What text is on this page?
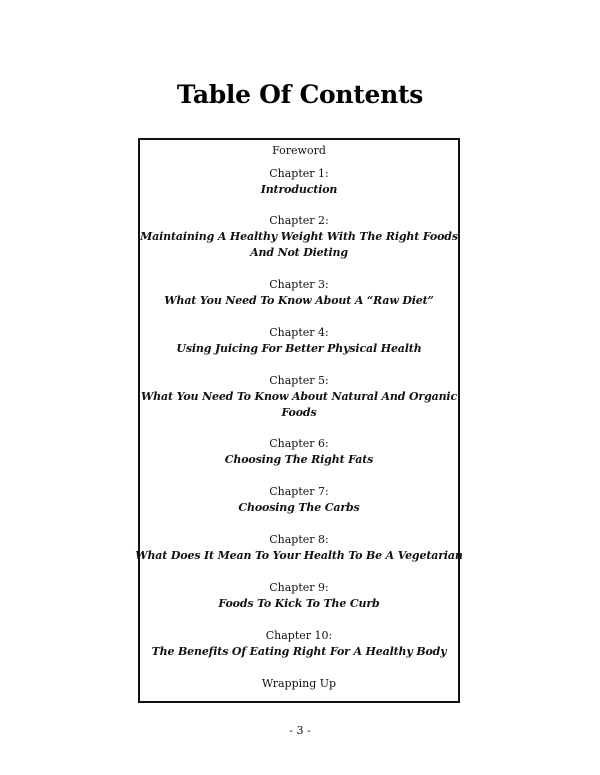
Table Of Contents
Foreword
Chapter 1:
Introduction
Chapter 2:
Maintaining A Healthy Weight With The Right Foods
And Not Dieting
Chapter 3:
What You Need To Know About A “Raw Diet”
Chapter 4:
Using Juicing For Better Physical Health
Chapter 5:
What You Need To Know About Natural And Organic
Foods
Chapter 6:
Choosing The Right Fats
Chapter 7:
Choosing The Carbs
Chapter 8:
What Does It Mean To Your Health To Be A Vegetarian
Chapter 9:
Foods To Kick To The Curb
Chapter 10:
The Benefits Of Eating Right For A Healthy Body
Wrapping Up
- 3 -
